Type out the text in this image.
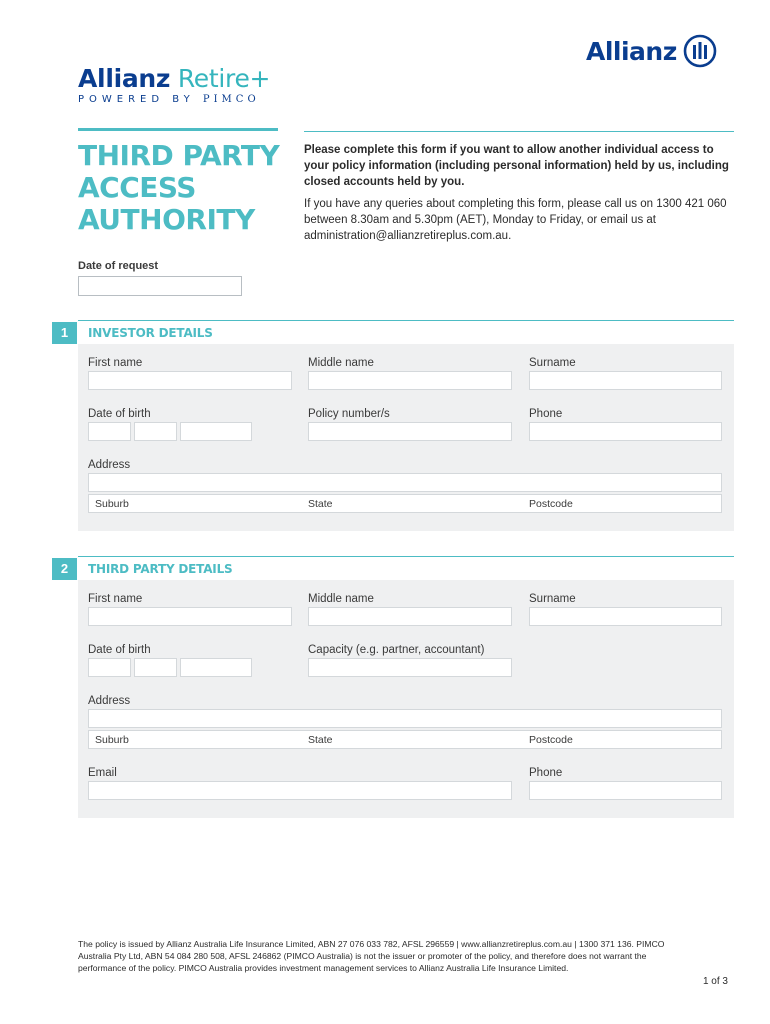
Allianz
Allianz Retire+
POWERED BY PIMCO
THIRD PARTY
ACCESS
AUTHORITY
Please complete this form if you want to allow another individual access to your policy information (including personal information) held by us, including closed accounts held by you.
If you have any queries about completing this form, please call us on 1300 421 060 between 8.30am and 5.30pm (AET), Monday to Friday, or email us at administration@allianzretireplus.com.au.
Date of request
1	INVESTOR DETAILS
First name	Middle name	Surname
Date of birth	Policy number/s	Phone
Address
Suburb	State	Postcode
2	THIRD PARTY DETAILS
First name	Middle name	Surname
Date of birth	Capacity (e.g. partner, accountant)
Address
Suburb	State	Postcode
Email	Phone
The policy is issued by Allianz Australia Life Insurance Limited, ABN 27 076 033 782, AFSL 296559 | www.allianzretireplus.com.au | 1300 371 136. PIMCO Australia Pty Ltd, ABN 54 084 280 508, AFSL 246862 (PIMCO Australia) is not the issuer or promoter of the policy, and therefore does not warrant the performance of the policy. PIMCO Australia provides investment management services to Allianz Australia Life Insurance Limited.
1 of 3
